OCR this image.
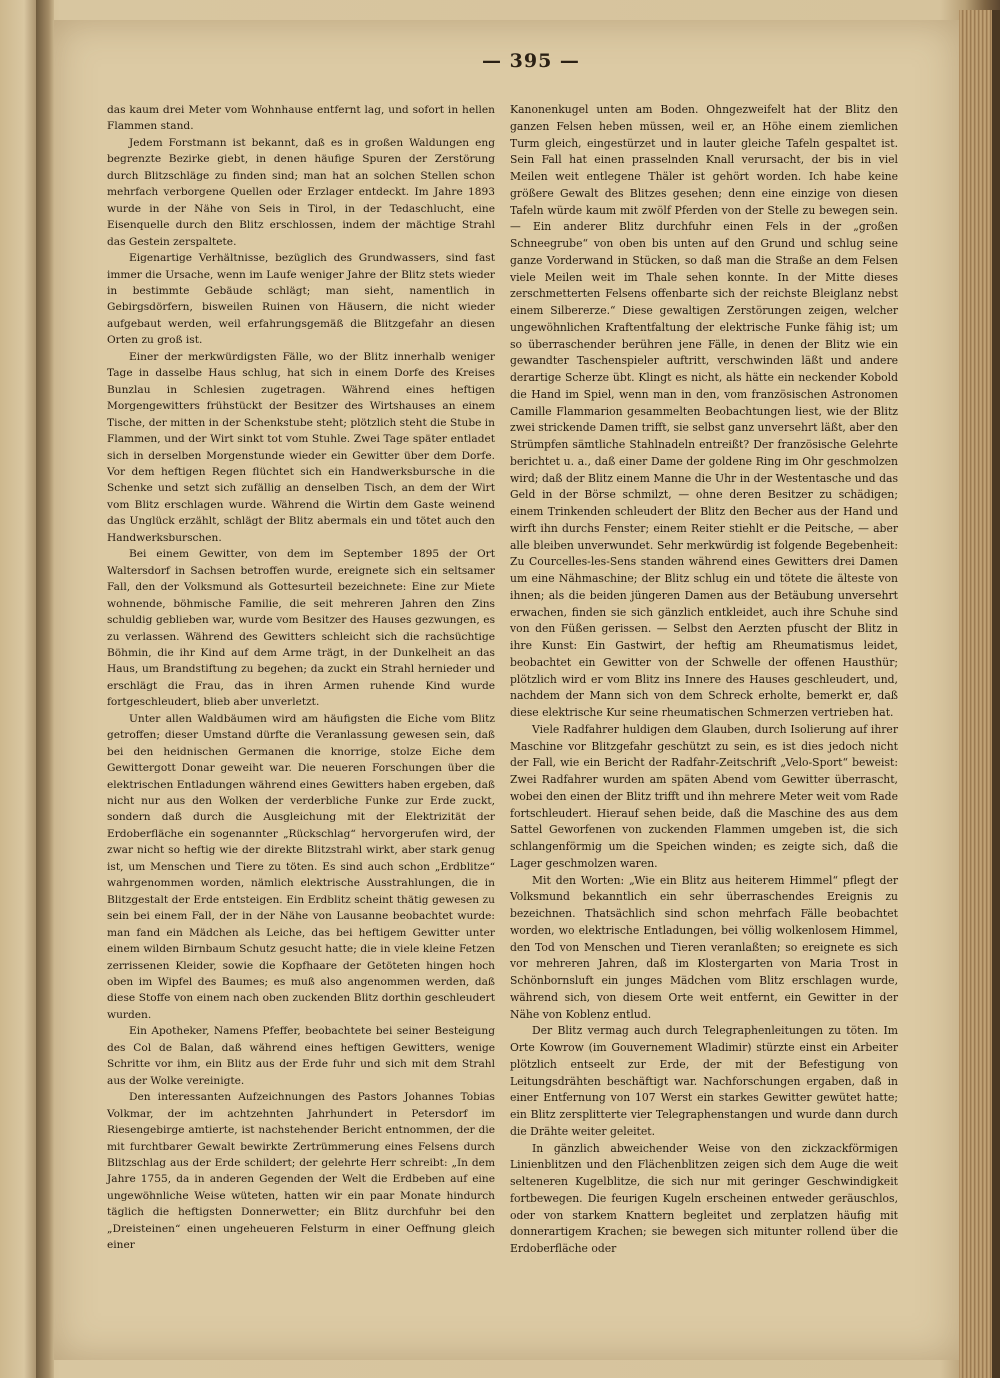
— 395 —

das kaum drei Meter vom Wohnhause entfernt lag, und sofort in hellen Flammen stand.

Jedem Forstmann ist bekannt, daß es in großen Waldungen eng begrenzte Bezirke giebt, in denen häufige Spuren der Zerstörung durch Blitzschläge zu finden sind; man hat an solchen Stellen schon mehrfach verborgene Quellen oder Erzlager entdeckt. Im Jahre 1893 wurde in der Nähe von Seis in Tirol, in der Tedaschlucht, eine Eisenquelle durch den Blitz erschlossen, indem der mächtige Strahl das Gestein zerspaltete.

Eigenartige Verhältnisse, bezüglich des Grundwassers, sind fast immer die Ursache, wenn im Laufe weniger Jahre der Blitz stets wieder in bestimmte Gebäude schlägt; man sieht, namentlich in Gebirgsdörfern, bisweilen Ruinen von Häusern, die nicht wieder aufgebaut werden, weil erfahrungsgemäß die Blitzgefahr an diesen Orten zu groß ist.

Einer der merkwürdigsten Fälle, wo der Blitz innerhalb weniger Tage in dasselbe Haus schlug, hat sich in einem Dorfe des Kreises Bunzlau in Schlesien zugetragen. Während eines heftigen Morgengewitters frühstückt der Besitzer des Wirtshauses an einem Tische, der mitten in der Schenkstube steht; plötzlich steht die Stube in Flammen, und der Wirt sinkt tot vom Stuhle. Zwei Tage später entladet sich in derselben Morgenstunde wieder ein Gewitter über dem Dorfe. Vor dem heftigen Regen flüchtet sich ein Handwerksbursche in die Schenke und setzt sich zufällig an denselben Tisch, an dem der Wirt vom Blitz erschlagen wurde. Während die Wirtin dem Gaste weinend das Unglück erzählt, schlägt der Blitz abermals ein und tötet auch den Handwerksburschen.

Bei einem Gewitter, von dem im September 1895 der Ort Waltersdorf in Sachsen betroffen wurde, ereignete sich ein seltsamer Fall, den der Volksmund als Gottesurteil bezeichnete: Eine zur Miete wohnende, böhmische Familie, die seit mehreren Jahren den Zins schuldig geblieben war, wurde vom Besitzer des Hauses gezwungen, es zu verlassen. Während des Gewitters schleicht sich die rachsüchtige Böhmin, die ihr Kind auf dem Arme trägt, in der Dunkelheit an das Haus, um Brandstiftung zu begehen; da zuckt ein Strahl hernieder und erschlägt die Frau, das in ihren Armen ruhende Kind wurde fortgeschleudert, blieb aber unverletzt.

Unter allen Waldbäumen wird am häufigsten die Eiche vom Blitz getroffen; dieser Umstand dürfte die Veranlassung gewesen sein, daß bei den heidnischen Germanen die knorrige, stolze Eiche dem Gewittergott Donar geweiht war. Die neueren Forschungen über die elektrischen Entladungen während eines Gewitters haben ergeben, daß nicht nur aus den Wolken der verderbliche Funke zur Erde zuckt, sondern daß durch die Ausgleichung mit der Elektrizität der Erdoberfläche ein sogenannter „Rückschlag“ hervorgerufen wird, der zwar nicht so heftig wie der direkte Blitzstrahl wirkt, aber stark genug ist, um Menschen und Tiere zu töten. Es sind auch schon „Erdblitze“ wahrgenommen worden, nämlich elektrische Ausstrahlungen, die in Blitzgestalt der Erde entsteigen. Ein Erdblitz scheint thätig gewesen zu sein bei einem Fall, der in der Nähe von Lausanne beobachtet wurde: man fand ein Mädchen als Leiche, das bei heftigem Gewitter unter einem wilden Birnbaum Schutz gesucht hatte; die in viele kleine Fetzen zerrissenen Kleider, sowie die Kopfhaare der Getöteten hingen hoch oben im Wipfel des Baumes; es muß also angenommen werden, daß diese Stoffe von einem nach oben zuckenden Blitz dorthin geschleudert wurden.

Ein Apotheker, Namens Pfeffer, beobachtete bei seiner Besteigung des Col de Balan, daß während eines heftigen Gewitters, wenige Schritte vor ihm, ein Blitz aus der Erde fuhr und sich mit dem Strahl aus der Wolke vereinigte.

Den interessanten Aufzeichnungen des Pastors Johannes Tobias Volkmar, der im achtzehnten Jahrhundert in Petersdorf im Riesengebirge amtierte, ist nachstehender Bericht entnommen, der die mit furchtbarer Gewalt bewirkte Zertrümmerung eines Felsens durch Blitzschlag aus der Erde schildert; der gelehrte Herr schreibt: „In dem Jahre 1755, da in anderen Gegenden der Welt die Erdbeben auf eine ungewöhnliche Weise wüteten, hatten wir ein paar Monate hindurch täglich die heftigsten Donnerwetter; ein Blitz durchfuhr bei den „Dreisteinen“ einen ungeheueren Felsturm in einer Oeffnung gleich einer

Kanonenkugel unten am Boden. Ohngezweifelt hat der Blitz den ganzen Felsen heben müssen, weil er, an Höhe einem ziemlichen Turm gleich, eingestürzet und in lauter gleiche Tafeln gespaltet ist. Sein Fall hat einen prasselnden Knall verursacht, der bis in viel Meilen weit entlegene Thäler ist gehört worden. Ich habe keine größere Gewalt des Blitzes gesehen; denn eine einzige von diesen Tafeln würde kaum mit zwölf Pferden von der Stelle zu bewegen sein. — Ein anderer Blitz durchfuhr einen Fels in der „großen Schneegrube“ von oben bis unten auf den Grund und schlug seine ganze Vorderwand in Stücken, so daß man die Straße an dem Felsen viele Meilen weit im Thale sehen konnte. In der Mitte dieses zerschmetterten Felsens offenbarte sich der reichste Bleiglanz nebst einem Silbererze.“ Diese gewaltigen Zerstörungen zeigen, welcher ungewöhnlichen Kraftentfaltung der elektrische Funke fähig ist; um so überraschender berühren jene Fälle, in denen der Blitz wie ein gewandter Taschenspieler auftritt, verschwinden läßt und andere derartige Scherze übt. Klingt es nicht, als hätte ein neckender Kobold die Hand im Spiel, wenn man in den, vom französischen Astronomen Camille Flammarion gesammelten Beobachtungen liest, wie der Blitz zwei strickende Damen trifft, sie selbst ganz unversehrt läßt, aber den Strümpfen sämtliche Stahlnadeln entreißt? Der französische Gelehrte berichtet u. a., daß einer Dame der goldene Ring im Ohr geschmolzen wird; daß der Blitz einem Manne die Uhr in der Westentasche und das Geld in der Börse schmilzt, — ohne deren Besitzer zu schädigen; einem Trinkenden schleudert der Blitz den Becher aus der Hand und wirft ihn durchs Fenster; einem Reiter stiehlt er die Peitsche, — aber alle bleiben unverwundet. Sehr merkwürdig ist folgende Begebenheit: Zu Courcelles-les-Sens standen während eines Gewitters drei Damen um eine Nähmaschine; der Blitz schlug ein und tötete die älteste von ihnen; als die beiden jüngeren Damen aus der Betäubung unversehrt erwachen, finden sie sich gänzlich entkleidet, auch ihre Schuhe sind von den Füßen gerissen. — Selbst den Aerzten pfuscht der Blitz in ihre Kunst: Ein Gastwirt, der heftig am Rheumatismus leidet, beobachtet ein Gewitter von der Schwelle der offenen Hausthür; plötzlich wird er vom Blitz ins Innere des Hauses geschleudert, und, nachdem der Mann sich von dem Schreck erholte, bemerkt er, daß diese elektrische Kur seine rheumatischen Schmerzen vertrieben hat.

Viele Radfahrer huldigen dem Glauben, durch Isolierung auf ihrer Maschine vor Blitzgefahr geschützt zu sein, es ist dies jedoch nicht der Fall, wie ein Bericht der Radfahr-Zeitschrift „Velo-Sport“ beweist: Zwei Radfahrer wurden am späten Abend vom Gewitter überrascht, wobei den einen der Blitz trifft und ihn mehrere Meter weit vom Rade fortschleudert. Hierauf sehen beide, daß die Maschine des aus dem Sattel Geworfenen von zuckenden Flammen umgeben ist, die sich schlangenförmig um die Speichen winden; es zeigte sich, daß die Lager geschmolzen waren.

Mit den Worten: „Wie ein Blitz aus heiterem Himmel“ pflegt der Volksmund bekanntlich ein sehr überraschendes Ereignis zu bezeichnen. Thatsächlich sind schon mehrfach Fälle beobachtet worden, wo elektrische Entladungen, bei völlig wolkenlosem Himmel, den Tod von Menschen und Tieren veranlaßten; so ereignete es sich vor mehreren Jahren, daß im Klostergarten von Maria Trost in Schönbornsluft ein junges Mädchen vom Blitz erschlagen wurde, während sich, von diesem Orte weit entfernt, ein Gewitter in der Nähe von Koblenz entlud.

Der Blitz vermag auch durch Telegraphenleitungen zu töten. Im Orte Kowrow (im Gouvernement Wladimir) stürzte einst ein Arbeiter plötzlich entseelt zur Erde, der mit der Befestigung von Leitungsdrähten beschäftigt war. Nachforschungen ergaben, daß in einer Entfernung von 107 Werst ein starkes Gewitter gewütet hatte; ein Blitz zersplitterte vier Telegraphenstangen und wurde dann durch die Drähte weiter geleitet.

In gänzlich abweichender Weise von den zickzackförmigen Linienblitzen und den Flächenblitzen zeigen sich dem Auge die weit selteneren Kugelblitze, die sich nur mit geringer Geschwindigkeit fortbewegen. Die feurigen Kugeln erscheinen entweder geräuschlos, oder von starkem Knattern begleitet und zerplatzen häufig mit donnerartigem Krachen; sie bewegen sich mitunter rollend über die Erdoberfläche oder
